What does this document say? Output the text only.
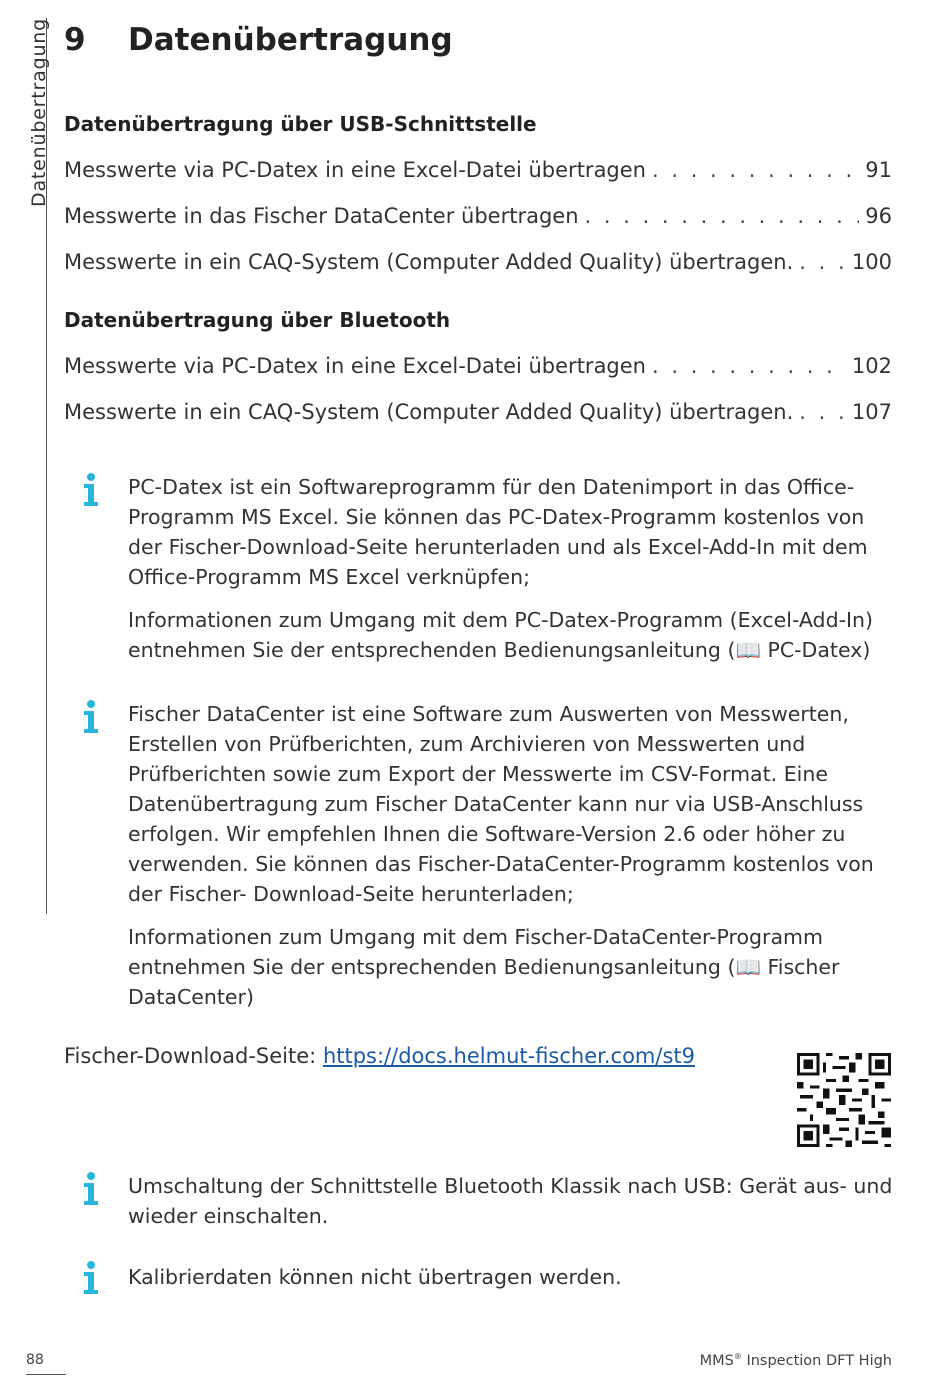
Datenübertragung 9 Datenübertragung
Datenübertragung über USB-Schnittstelle
Messwerte via PC-Datex in eine Excel-Datei übertragen . . .	91
Messwerte in das Fischer DataCenter übertragen . . .	96
Messwerte in ein CAQ-System (Computer Added Quality) übertragen. . . .	100
Datenübertragung über Bluetooth
Messwerte via PC-Datex in eine Excel-Datei übertragen . . .	102
Messwerte in ein CAQ-System (Computer Added Quality) übertragen. . . .	107

PC-Datex ist ein Softwareprogramm für den Datenimport in das Office-Programm MS Excel. Sie können das PC-Datex-Programm kostenlos von der Fischer-Download-Seite herunterladen und als Excel-Add-In mit dem Office-Programm MS Excel verknüpfen;

Informationen zum Umgang mit dem PC-Datex-Programm (Excel-Add-In) entnehmen Sie der entsprechenden Bedienungsanleitung (📖 PC-Datex)

Fischer DataCenter ist eine Software zum Auswerten von Messwerten, Erstellen von Prüfberichten, zum Archivieren von Messwerten und Prüfberichten sowie zum Export der Messwerte im CSV-Format. Eine Datenübertragung zum Fischer DataCenter kann nur via USB-Anschluss erfolgen. Wir empfehlen Ihnen die Software-Version 2.6 oder höher zu verwenden. Sie können das Fischer-DataCenter-Programm kostenlos von der Fischer- Download-Seite herunterladen;

Informationen zum Umgang mit dem Fischer-DataCenter-Programm entnehmen Sie der entsprechenden Bedienungsanleitung (📖 Fischer DataCenter)

Fischer-Download-Seite: https://docs.helmut-fischer.com/st9

Umschaltung der Schnittstelle Bluetooth Klassik nach USB: Gerät aus- und wieder einschalten.

Kalibrierdaten können nicht übertragen werden.

88	MMS® Inspection DFT High
